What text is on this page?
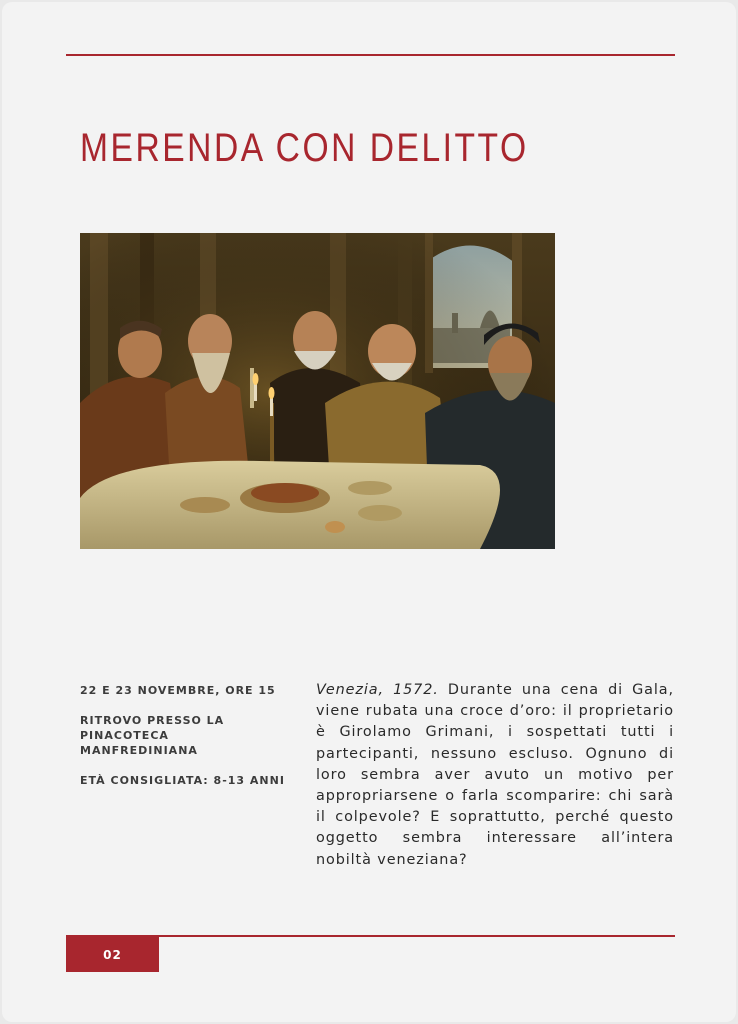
MERENDA CON DELITTO
22 E 23 NOVEMBRE, ORE 15
RITROVO PRESSO LA
PINACOTECA
MANFREDINIANA
ETÀ CONSIGLIATA: 8-13 ANNI

Venezia, 1572. Durante una cena di Gala, viene rubata una croce d’oro: il proprietario è Girolamo Grimani, i sospettati tutti i partecipanti, nessuno escluso. Ognuno di loro sembra aver avuto un motivo per appropriarsene o farla scomparire: chi sarà il colpevole? E soprattutto, perché questo oggetto sembra interessare all’intera nobiltà veneziana?

02
